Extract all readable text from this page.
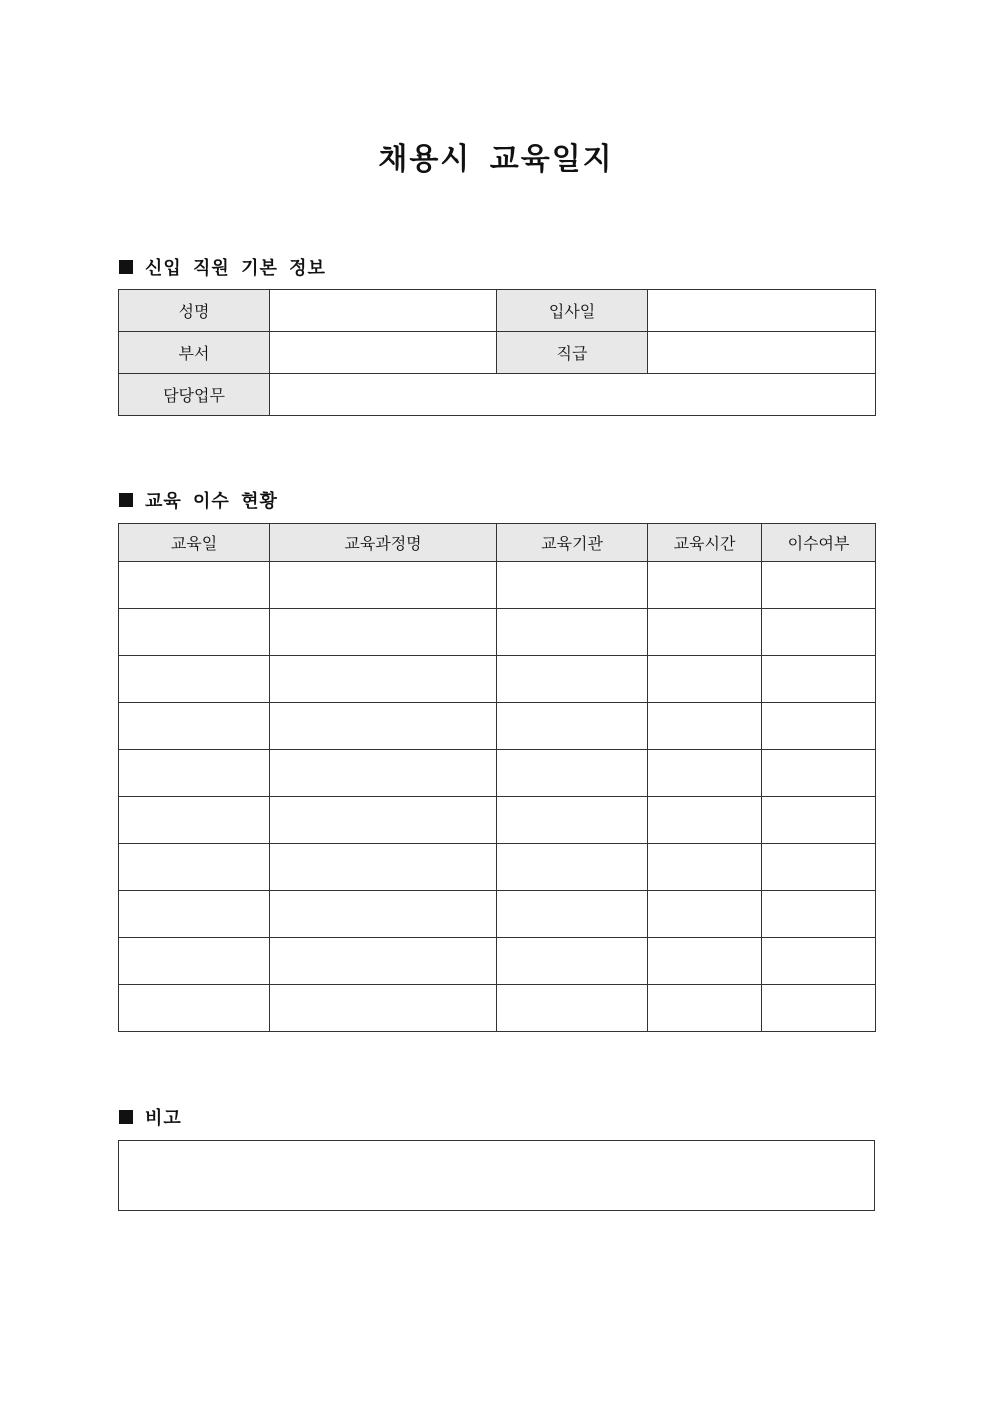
채용시 교육일지
신입 직원 기본 정보
성명		입사일	
부서		직급	
담당업무			
교육 이수 현황
교육일	교육과정명	교육기관	교육시간	이수여부

비고
